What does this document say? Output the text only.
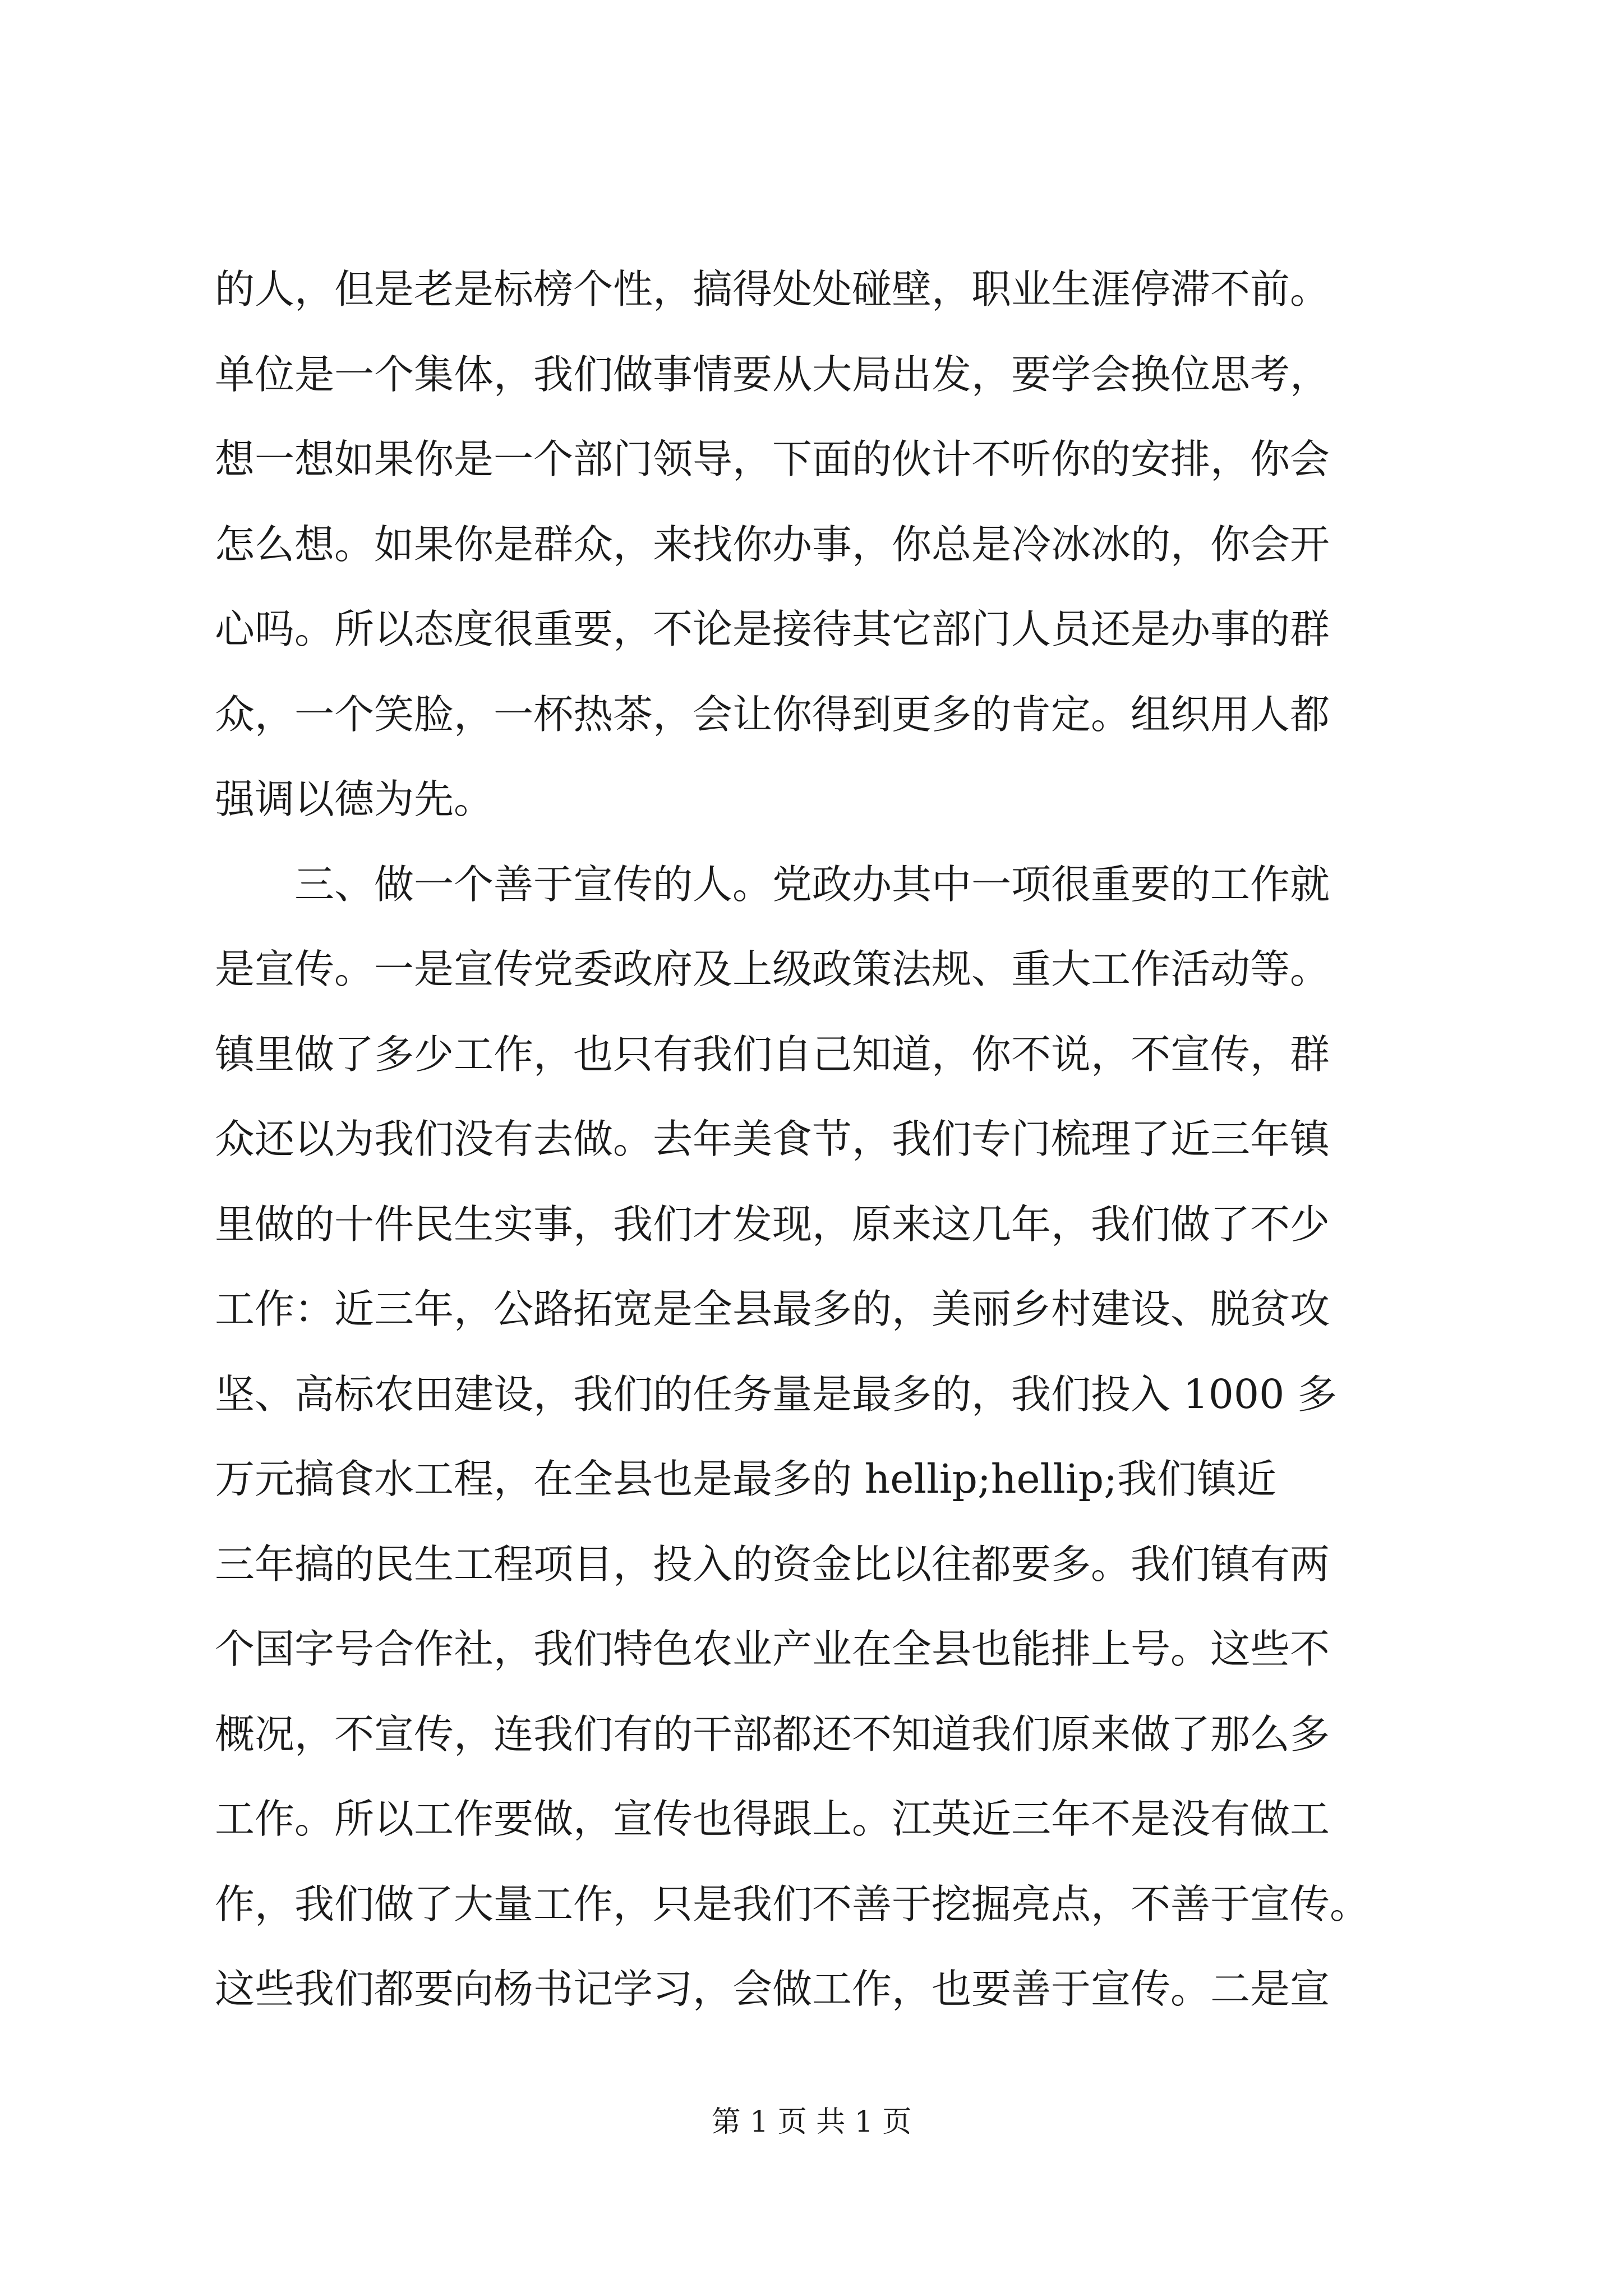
的人，但是老是标榜个性，搞得处处碰壁，职业生涯停滞不前。
单位是一个集体，我们做事情要从大局出发，要学会换位思考，
想一想如果你是一个部门领导，下面的伙计不听你的安排，你会
怎么想。如果你是群众，来找你办事，你总是冷冰冰的，你会开
心吗。所以态度很重要，不论是接待其它部门人员还是办事的群
众，一个笑脸，一杯热茶，会让你得到更多的肯定。组织用人都
强调以德为先。
　　三、做一个善于宣传的人。党政办其中一项很重要的工作就
是宣传。一是宣传党委政府及上级政策法规、重大工作活动等。
镇里做了多少工作，也只有我们自己知道，你不说，不宣传，群
众还以为我们没有去做。去年美食节，我们专门梳理了近三年镇
里做的十件民生实事，我们才发现，原来这几年，我们做了不少
工作：近三年，公路拓宽是全县最多的，美丽乡村建设、脱贫攻
坚、高标农田建设，我们的任务量是最多的，我们投入 1000 多
万元搞食水工程，在全县也是最多的 hellip;hellip;我们镇近
三年搞的民生工程项目，投入的资金比以往都要多。我们镇有两
个国字号合作社，我们特色农业产业在全县也能排上号。这些不
概况，不宣传，连我们有的干部都还不知道我们原来做了那么多
工作。所以工作要做，宣传也得跟上。江英近三年不是没有做工
作，我们做了大量工作，只是我们不善于挖掘亮点，不善于宣传。
这些我们都要向杨书记学习，会做工作，也要善于宣传。二是宣
第 1 页 共 1 页
